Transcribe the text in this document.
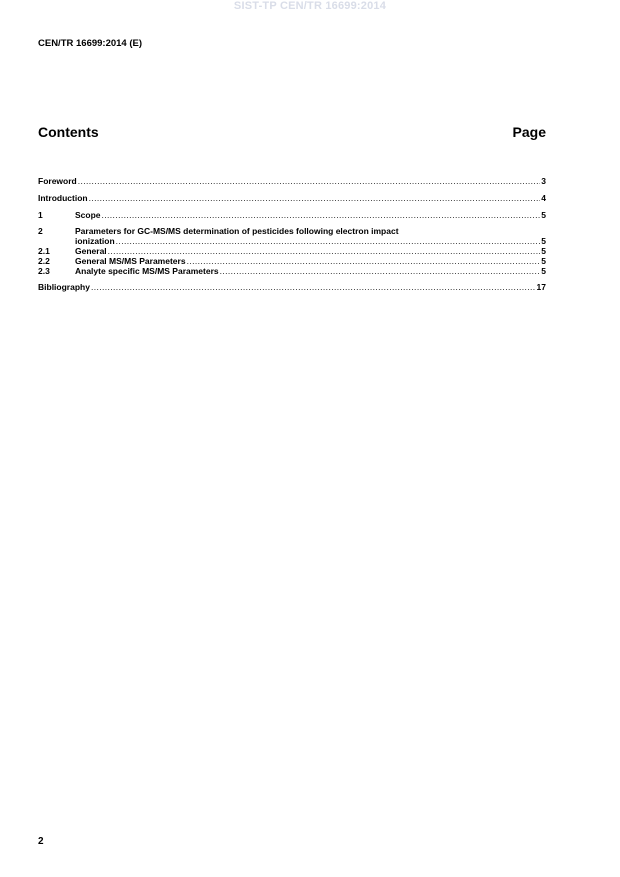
SIST-TP CEN/TR 16699:2014
CEN/TR 16699:2014 (E)
Contents	Page
Foreword .....	3
Introduction .....	4
1	Scope .....	5
2	Parameters for GC-MS/MS determination of pesticides following electron impact
ionization .....	5
2.1	General .....	5
2.2	General MS/MS Parameters .....	5
2.3	Analyte specific MS/MS Parameters .....	5
Bibliography .....	17
2
